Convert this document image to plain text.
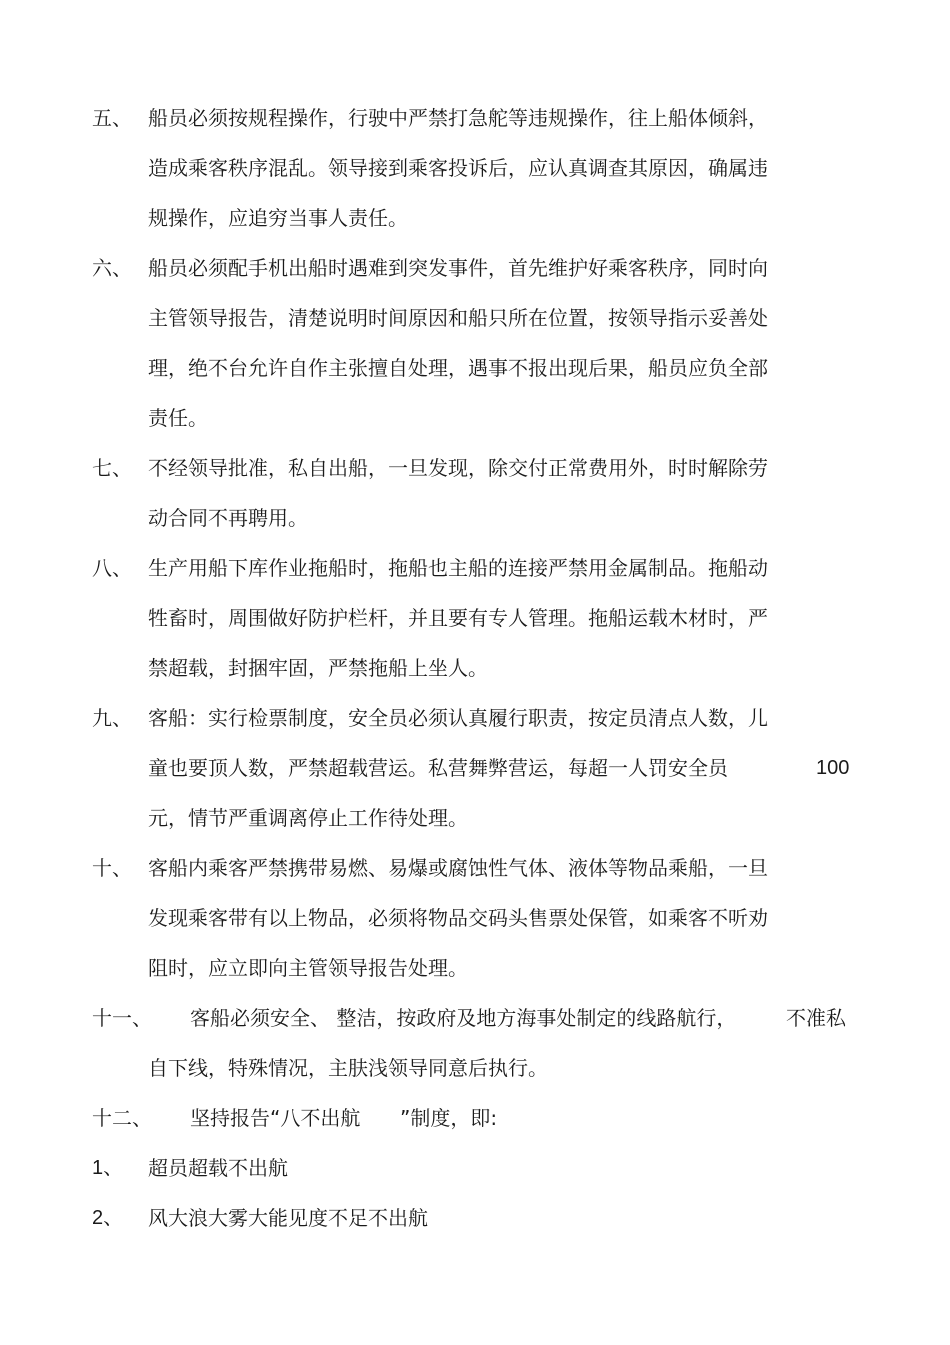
五、 船员必须按规程操作，行驶中严禁打急舵等违规操作，往上船体倾斜，
造成乘客秩序混乱。领导接到乘客投诉后，应认真调查其原因，确属违
规操作，应追穷当事人责任。
六、 船员必须配手机出船时遇难到突发事件，首先维护好乘客秩序，同时向
主管领导报告，清楚说明时间原因和船只所在位置，按领导指示妥善处
理，绝不台允许自作主张擅自处理，遇事不报出现后果，船员应负全部
责任。
七、 不经领导批准，私自出船，一旦发现，除交付正常费用外，时时解除劳
动合同不再聘用。
八、 生产用船下库作业拖船时，拖船也主船的连接严禁用金属制品。拖船动
牲畜时，周围做好防护栏杆，并且要有专人管理。拖船运载木材时，严
禁超载，封捆牢固，严禁拖船上坐人。
九、 客船：实行检票制度，安全员必须认真履行职责，按定员清点人数，儿
童也要顶人数，严禁超载营运。私营舞弊营运，每超一人罚安全员	100
元，情节严重调离停止工作待处理。
十、 客船内乘客严禁携带易燃、易爆或腐蚀性气体、液体等物品乘船，一旦
发现乘客带有以上物品，必须将物品交码头售票处保管，如乘客不听劝
阻时，应立即向主管领导报告处理。
十一、 客船必须安全、 整洁，按政府及地方海事处制定的线路航行， 不准私
自下线，特殊情况，主肤浅领导同意后执行。
十二、 坚持报告“八不出航 ”制度，即:
1、 超员超载不出航
2、 风大浪大雾大能见度不足不出航
